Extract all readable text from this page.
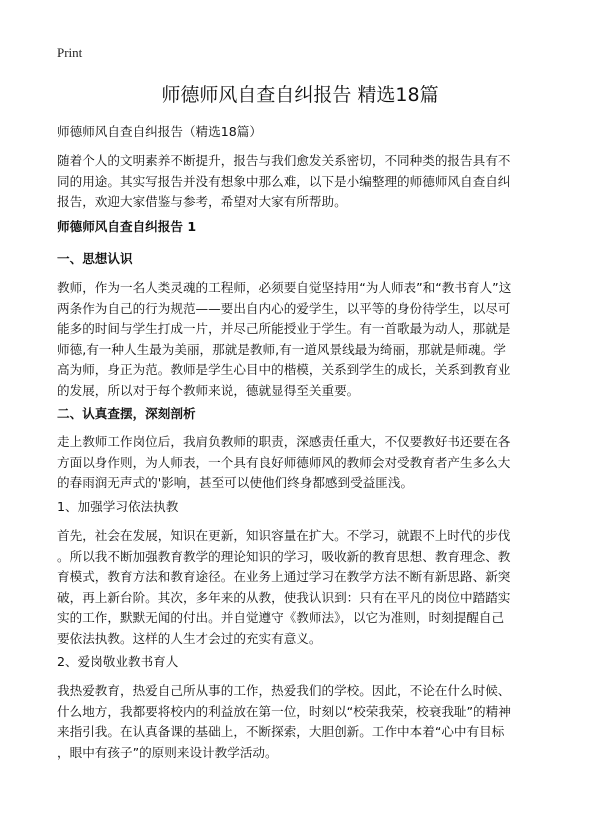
Print
师德师风自查自纠报告 精选18篇
师德师风自查自纠报告（精选18篇）
随着个人的文明素养不断提升，报告与我们愈发关系密切，不同种类的报告具有不
同的用途。其实写报告并没有想象中那么难，以下是小编整理的师德师风自查自纠
报告，欢迎大家借鉴与参考，希望对大家有所帮助。
师德师风自查自纠报告 1
一、思想认识
教师，作为一名人类灵魂的工程师，必须要自觉坚持用“为人师表”和“教书育人”这
两条作为自己的行为规范——要出自内心的爱学生，以平等的身份待学生，以尽可
能多的时间与学生打成一片，并尽己所能授业于学生。有一首歌最为动人，那就是
师德,有一种人生最为美丽，那就是教师,有一道风景线最为绮丽，那就是师魂。学
高为师，身正为范。教师是学生心目中的楷模，关系到学生的成长，关系到教育业
的发展，所以对于每个教师来说，德就显得至关重要。
二、认真查摆，深刻剖析
走上教师工作岗位后，我肩负教师的职责，深感责任重大，不仅要教好书还要在各
方面以身作则，为人师表，一个具有良好师德师风的教师会对受教育者产生多么大
的春雨润无声式的'影响，甚至可以使他们终身都感到受益匪浅。
1、加强学习依法执教
首先，社会在发展，知识在更新，知识容量在扩大。不学习，就跟不上时代的步伐
。所以我不断加强教育教学的理论知识的学习，吸收新的教育思想、教育理念、教
育模式，教育方法和教育途径。在业务上通过学习在教学方法不断有新思路、新突
破，再上新台阶。其次，多年来的从教，使我认识到：只有在平凡的岗位中踏踏实
实的工作，默默无闻的付出。并自觉遵守《教师法》，以它为准则，时刻提醒自己
要依法执教。这样的人生才会过的充实有意义。
2、爱岗敬业教书育人
我热爱教育，热爱自己所从事的工作，热爱我们的学校。因此，不论在什么时候、
什么地方，我都要将校内的利益放在第一位，时刻以“校荣我荣，校衰我耻”的精神
来指引我。在认真备课的基础上，不断探索，大胆创新。工作中本着“心中有目标
，眼中有孩子”的原则来设计教学活动。
